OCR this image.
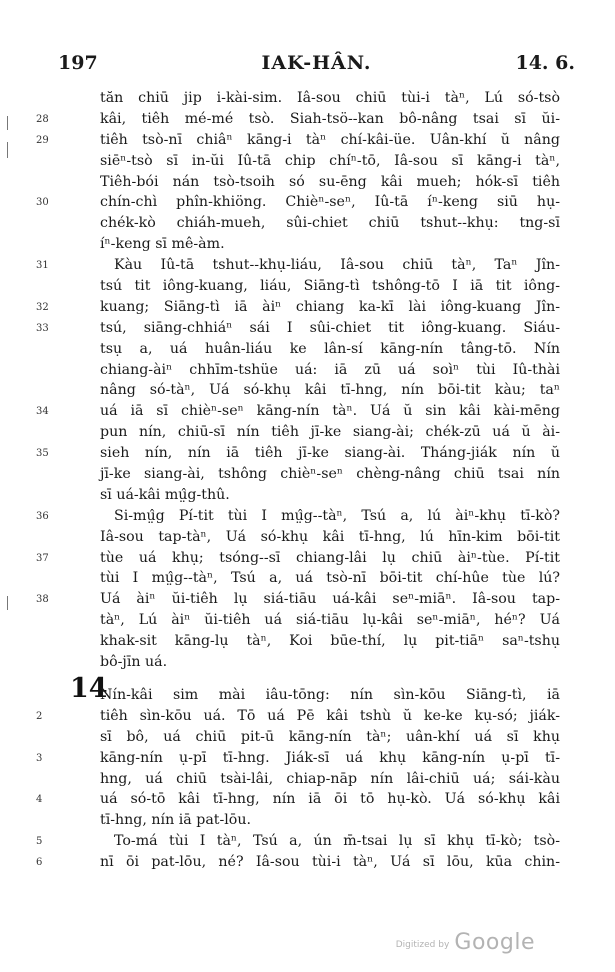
197	IAK-HÂN.	14. 6.
tăn chiū jip i-kài-sim. Iâ-sou chiū tùi-i tàⁿ, Lú só-tsò
28	kâi, tiêh mé-mé tsò. Siah-tsö--kan bô-nâng tsai sī ŭi-
29	tiêh tsò-nī chiâⁿ kāng-i tàⁿ chí-kâi-üe. Uân-khí ŭ nâng
siēⁿ-tsò sī in-ŭi Iû-tā chip chíⁿ-tō, Iâ-sou sī kāng-i tàⁿ,
Tiêh-bói nán tsò-tsoih só su-ēng kâi mueh; hók-sī tiêh
30	chín-chì phîn-khiöng. Chièⁿ-seⁿ, Iû-tā íⁿ-keng siū hụ-
chék-kò chiáh-mueh, sûi-chiet chiū tshut--khụ: tng-sī
íⁿ-keng sī mê-àm.
31	Kàu Iû-tā tshut--khụ-liáu, Iâ-sou chiū tàⁿ, Taⁿ Jîn-
tsú tit iông-kuang, liáu, Siāng-tì tshông-tō I iā tit iông-
32	kuang; Siāng-tì iā àiⁿ chiang ka-kī lài iông-kuang Jîn-
33	tsú, siāng-chhiáⁿ sái I sûi-chiet tit iông-kuang. Siáu-
tsụ a, uá huân-liáu ke lân-sí kāng-nín tâng-tō. Nín
chiang-àiⁿ chhīm-tshüe uá: iā zū uá soìⁿ tùi Iû-thài
nâng só-tàⁿ, Uá só-khụ kâi tī-hng, nín bōi-tit kàu; taⁿ
34	uá iā sī chièⁿ-seⁿ kāng-nín tàⁿ. Uá ŭ sin kâi kài-mēng
pun nín, chiū-sī nín tiêh jī-ke siang-ài; chék-zū uá ŭ ài-
35	sieh nín, nín iā tiêh jī-ke siang-ài. Tháng-jiák nín ŭ
jī-ke siang-ài, tshông chièⁿ-seⁿ chèng-nâng chiū tsai nín
sī uá-kâi mṳ̂g-thû.
36	Si-mṳ̂g Pí-tit tùi I mṳ̂g--tàⁿ, Tsú a, lú àiⁿ-khụ tī-kò?
Iâ-sou tap-tàⁿ, Uá só-khụ kâi tī-hng, lú hīn-kim bōi-tit
37	tùe uá khụ; tsóng--sī chiang-lâi lụ chiū àiⁿ-tùe. Pí-tit
tùi I mṳ̂g--tàⁿ, Tsú a, uá tsò-nī bōi-tit chí-hûe tùe lú?
38	Uá àiⁿ ŭi-tiêh lụ siá-tiāu uá-kâi seⁿ-miāⁿ. Iâ-sou tap-
tàⁿ, Lú àiⁿ ŭi-tiêh uá siá-tiāu lụ-kâi seⁿ-miāⁿ, héⁿ? Uá
khak-sit kāng-lụ tàⁿ, Koi būe-thí, lụ pit-tiāⁿ saⁿ-tshụ
bô-jīn uá.
14
Nín-kâi sim mài iâu-tōng: nín sìn-kōu Siāng-tì, iā
2	tiêh sìn-kōu uá. Tō uá Pē kâi tshù ŭ ke-ke kụ-só; jiák-
sī bô, uá chiū pit-ū kāng-nín tàⁿ; uân-khí uá sī khụ
3	kāng-nín ụ-pī tī-hng. Jiák-sī uá khụ kāng-nín ụ-pī tī-
hng, uá chiū tsài-lâi, chiap-nāp nín lâi-chiū uá; sái-kàu
4	uá só-tō kâi tī-hng, nín iā ōi tō hụ-kò. Uá só-khụ kâi
tī-hng, nín iā pat-lōu.
5	To-má tùi I tàⁿ, Tsú a, ún m̄-tsai lụ sī khụ tī-kò; tsò-
6	nī ōi pat-lōu, né? Iâ-sou tùi-i tàⁿ, Uá sī lōu, kūa chin-
Digitized by Google
